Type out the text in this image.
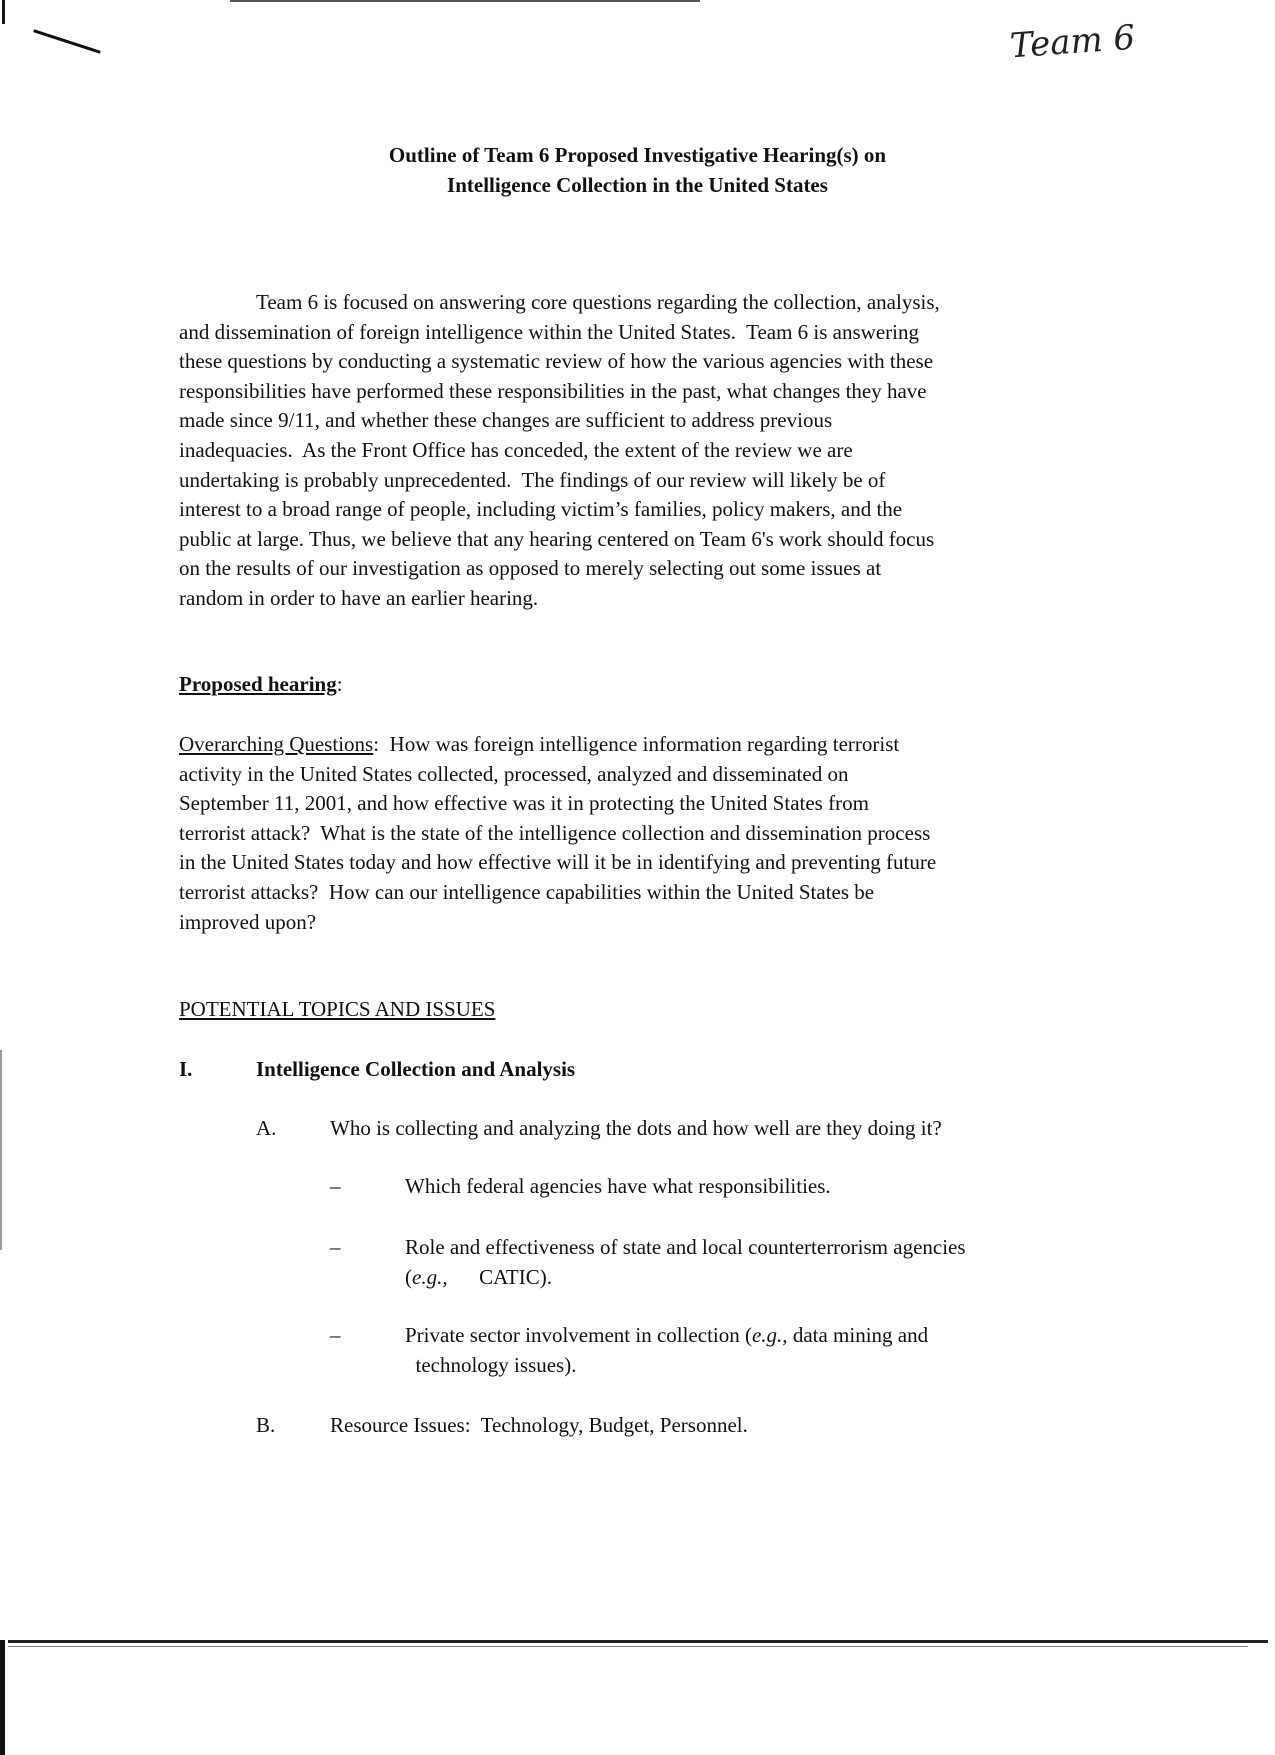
Team 6
Outline of Team 6 Proposed Investigative Hearing(s) on
Intelligence Collection in the United States
Team 6 is focused on answering core questions regarding the collection, analysis,
and dissemination of foreign intelligence within the United States.  Team 6 is answering
these questions by conducting a systematic review of how the various agencies with these
responsibilities have performed these responsibilities in the past, what changes they have
made since 9/11, and whether these changes are sufficient to address previous
inadequacies.  As the Front Office has conceded, the extent of the review we are
undertaking is probably unprecedented.  The findings of our review will likely be of
interest to a broad range of people, including victim’s families, policy makers, and the
public at large. Thus, we believe that any hearing centered on Team 6's work should focus
on the results of our investigation as opposed to merely selecting out some issues at
random in order to have an earlier hearing.
Proposed hearing:
Overarching Questions:  How was foreign intelligence information regarding terrorist
activity in the United States collected, processed, analyzed and disseminated on
September 11, 2001, and how effective was it in protecting the United States from
terrorist attack?  What is the state of the intelligence collection and dissemination process
in the United States today and how effective will it be in identifying and preventing future
terrorist attacks?  How can our intelligence capabilities within the United States be
improved upon?
POTENTIAL TOPICS AND ISSUES
I.	Intelligence Collection and Analysis
A.	Who is collecting and analyzing the dots and how well are they doing it?
–	Which federal agencies have what responsibilities.
–	Role and effectiveness of state and local counterterrorism agencies
(e.g.,      CATIC).
–	Private sector involvement in collection (e.g., data mining and
technology issues).
B.	Resource Issues:  Technology, Budget, Personnel.
